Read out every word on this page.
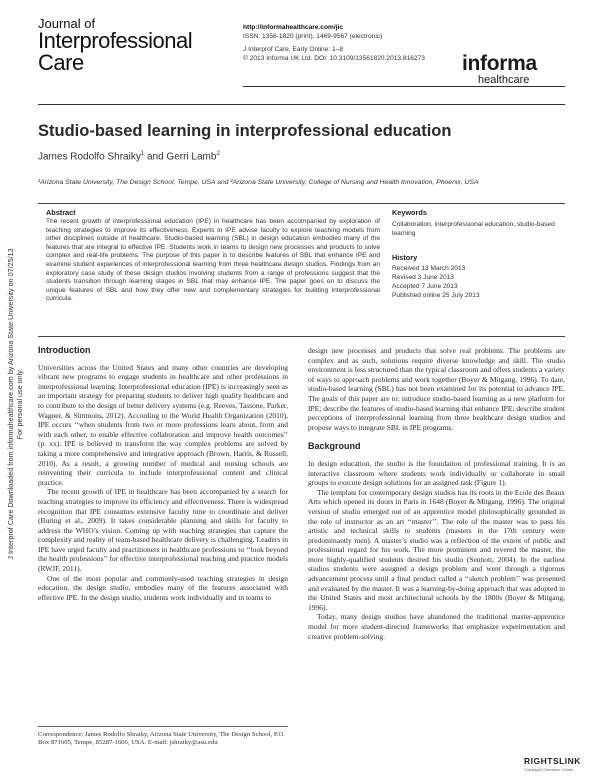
J Interprof Care Downloaded from informahealthcare.com by Arizona State University on 07/25/13
For personal use only.
Journal of
Interprofessional
Care
http://informahealthcare.com/jic
ISSN: 1356-1820 (print), 1469-9567 (electronic)
J Interprof Care, Early Online: 1–8
© 2013 Informa UK Ltd. DOI: 10.3109/13561820.2013.816273 informa
healthcare
Studio-based learning in interprofessional education
James Rodolfo Shraiky$^1$ and Gerri Lamb$^2$
¹Arizona State University, The Design School, Tempe, USA and ²Arizona State University, College of Nursing and Health Innovation, Phoenix, USA
Abstract
The recent growth of interprofessional education (IPE) in healthcare has been accompanied by exploration of teaching strategies to improve its effectiveness. Experts in IPE advise faculty to explore teaching models from other disciplines outside of healthcare. Studio-based learning (SBL) in design education embodies many of the features that are integral to effective IPE. Students work in teams to design new processes and products to solve complex and real-life problems. The purpose of this paper is to describe features of SBL that enhance IPE and examine student experiences of interprofessional learning from three healthcare design studios. Findings from an exploratory case study of these design studios involving students from a range of professions suggest that the students transition through learning stages in SBL that may enhance IPE. The paper goes on to discuss the unique features of SBL and how they offer new and complementary strategies for building interprofessional curricula.
Keywords
Collaboration, interprofessional education, studio-based learning
History
Received 13 March 2013
Revised 3 June 2013
Accepted 7 June 2013
Published online 25 July 2013
Introduction

Universities across the United States and many other countries are developing vibrant new programs to engage students in healthcare and other professions in interprofessional learning. Interprofessional education (IPE) is increasingly seen as an important strategy for preparing students to deliver high quality healthcare and to contribute to the design of better delivery systems (e.g. Reeves, Tassone, Parker, Wagner, & Simmons, 2012). According to the World Health Organization (2010), IPE occurs ‘‘when students from two or more professions learn about, from and with each other, to enable effective collaboration and improve health outcomes’’ (p. xx). IPE is believed to transform the way complex problems are solved by taking a more comprehensive and integrative approach (Brown, Harris, & Russell, 2010). As a result, a growing number of medical and nursing schools are reinventing their curricula to include interprofessional content and clinical practice.

The recent growth of IPE in healthcare has been accompanied by a search for teaching strategies to improve its efficiency and effectiveness. There is widespread recognition that IPE consumes extensive faculty time to coordinate and deliver (Buring et al., 2009). It takes considerable planning and skills for faculty to address the WHO’s vision. Coming up with teaching strategies that capture the complexity and reality of team-based healthcare delivery is challenging. Leaders in IPE have urged faculty and practitioners in healthcare professions to ‘‘look beyond the health professions’’ for effective interprofessional teaching and practice models (RWJF, 2011).

One of the most popular and commonly-used teaching strategies in design education, the design studio, embodies many of the features associated with effective IPE. In the design studio, students work individually and in teams to

design new processes and products that solve real problems. The problems are complex and as such, solutions require diverse knowledge and skill. The studio environment is less structured than the typical classroom and offers students a variety of ways to approach problems and work together (Boyer & Mitgang, 1996). To date, studio-based learning (SBL) has not been examined for its potential to advance IPE. The goals of this paper are to: introduce studio-based learning as a new platform for IPE; describe the features of studio-based learning that enhance IPE; describe student perceptions of interprofessional learning from three healthcare design studios and propose ways to integrate SBL in IPE programs.

Background

In design education, the studio is the foundation of professional training. It is an interactive classroom where students work individually or collaborate in small groups to execute design solutions for an assigned task (Figure 1).

The template for contemporary design studios has its roots in the Ecole des Beaux Arts which opened its doors in Paris in 1648 (Boyer & Mitgang, 1996). The original version of studio emerged out of an apprentice model philosophically grounded in the role of instructor as an art ‘‘master’’. The role of the master was to pass his artistic and technical skills to students (masters in the 17th century were predominantly men). A master’s studio was a reflection of the extent of public and professional regard for his work. The more prominent and revered the master, the more highly-qualified students desired his studio (Sennott, 2004). In the earliest studios students were assigned a design problem and went through a rigorous advancement process until a final product called a ‘‘sketch problem’’ was presented and evaluated by the master. It was a learning-by-doing approach that was adopted in the United States and most architectural schools by the 1800s (Boyer & Mitgang, 1996).

Today, many design studios have abandoned the traditional master-apprentice model for more student-directed frameworks that emphasize experimentation and creative problem-solving.

Correspondence: James Rodolfo Shraiky, Arizona State University, The Design School, P.O. Box 871605, Tempe, 85287-1606, USA. E-mail: jshraiky@asu.edu
RIGHTSLINK
Copyright Clearance Center
